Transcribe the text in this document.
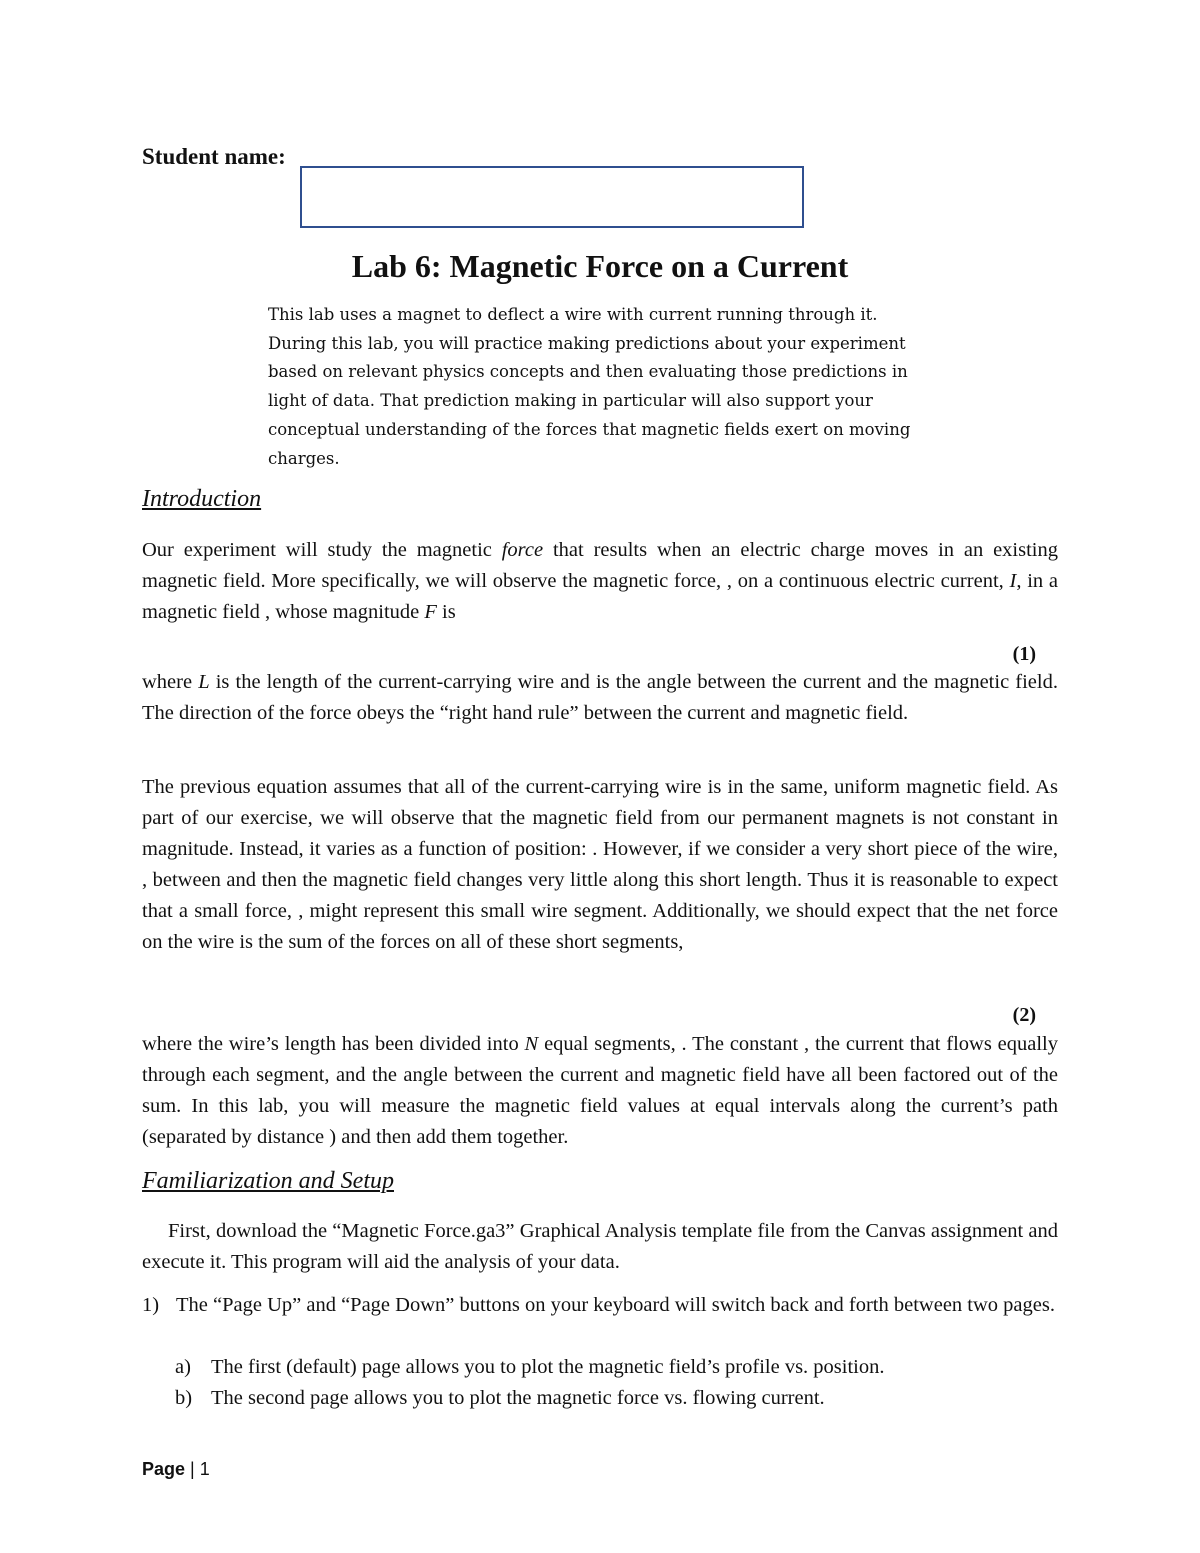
Student name:
Lab 6: Magnetic Force on a Current
This lab uses a magnet to deflect a wire with current running through it. During this lab, you will practice making predictions about your experiment based on relevant physics concepts and then evaluating those predictions in light of data. That prediction making in particular will also support your conceptual understanding of the forces that magnetic fields exert on moving charges.
Introduction
Our experiment will study the magnetic force that results when an electric charge moves in an existing magnetic field. More specifically, we will observe the magnetic force, , on a continuous electric current, I, in a magnetic field , whose magnitude F is
(1)
where L is the length of the current-carrying wire and is the angle between the current and the magnetic field. The direction of the force obeys the “right hand rule” between the current and magnetic field.
The previous equation assumes that all of the current-carrying wire is in the same, uniform magnetic field. As part of our exercise, we will observe that the magnetic field from our permanent magnets is not constant in magnitude. Instead, it varies as a function of position: . However, if we consider a very short piece of the wire, , between and then the magnetic field changes very little along this short length. Thus it is reasonable to expect that a small force, , might represent this small wire segment. Additionally, we should expect that the net force on the wire is the sum of the forces on all of these short segments,
(2)
where the wire’s length has been divided into N equal segments, . The constant , the current that flows equally through each segment, and the angle between the current and magnetic field have all been factored out of the sum. In this lab, you will measure the magnetic field values at equal intervals along the current’s path (separated by distance ) and then add them together.
Familiarization and Setup
First, download the “Magnetic Force.ga3” Graphical Analysis template file from the Canvas assignment and execute it. This program will aid the analysis of your data.
1) The “Page Up” and “Page Down” buttons on your keyboard will switch back and forth between two pages.
a) The first (default) page allows you to plot the magnetic field’s profile vs. position.
b) The second page allows you to plot the magnetic force vs. flowing current.
Page | 1
